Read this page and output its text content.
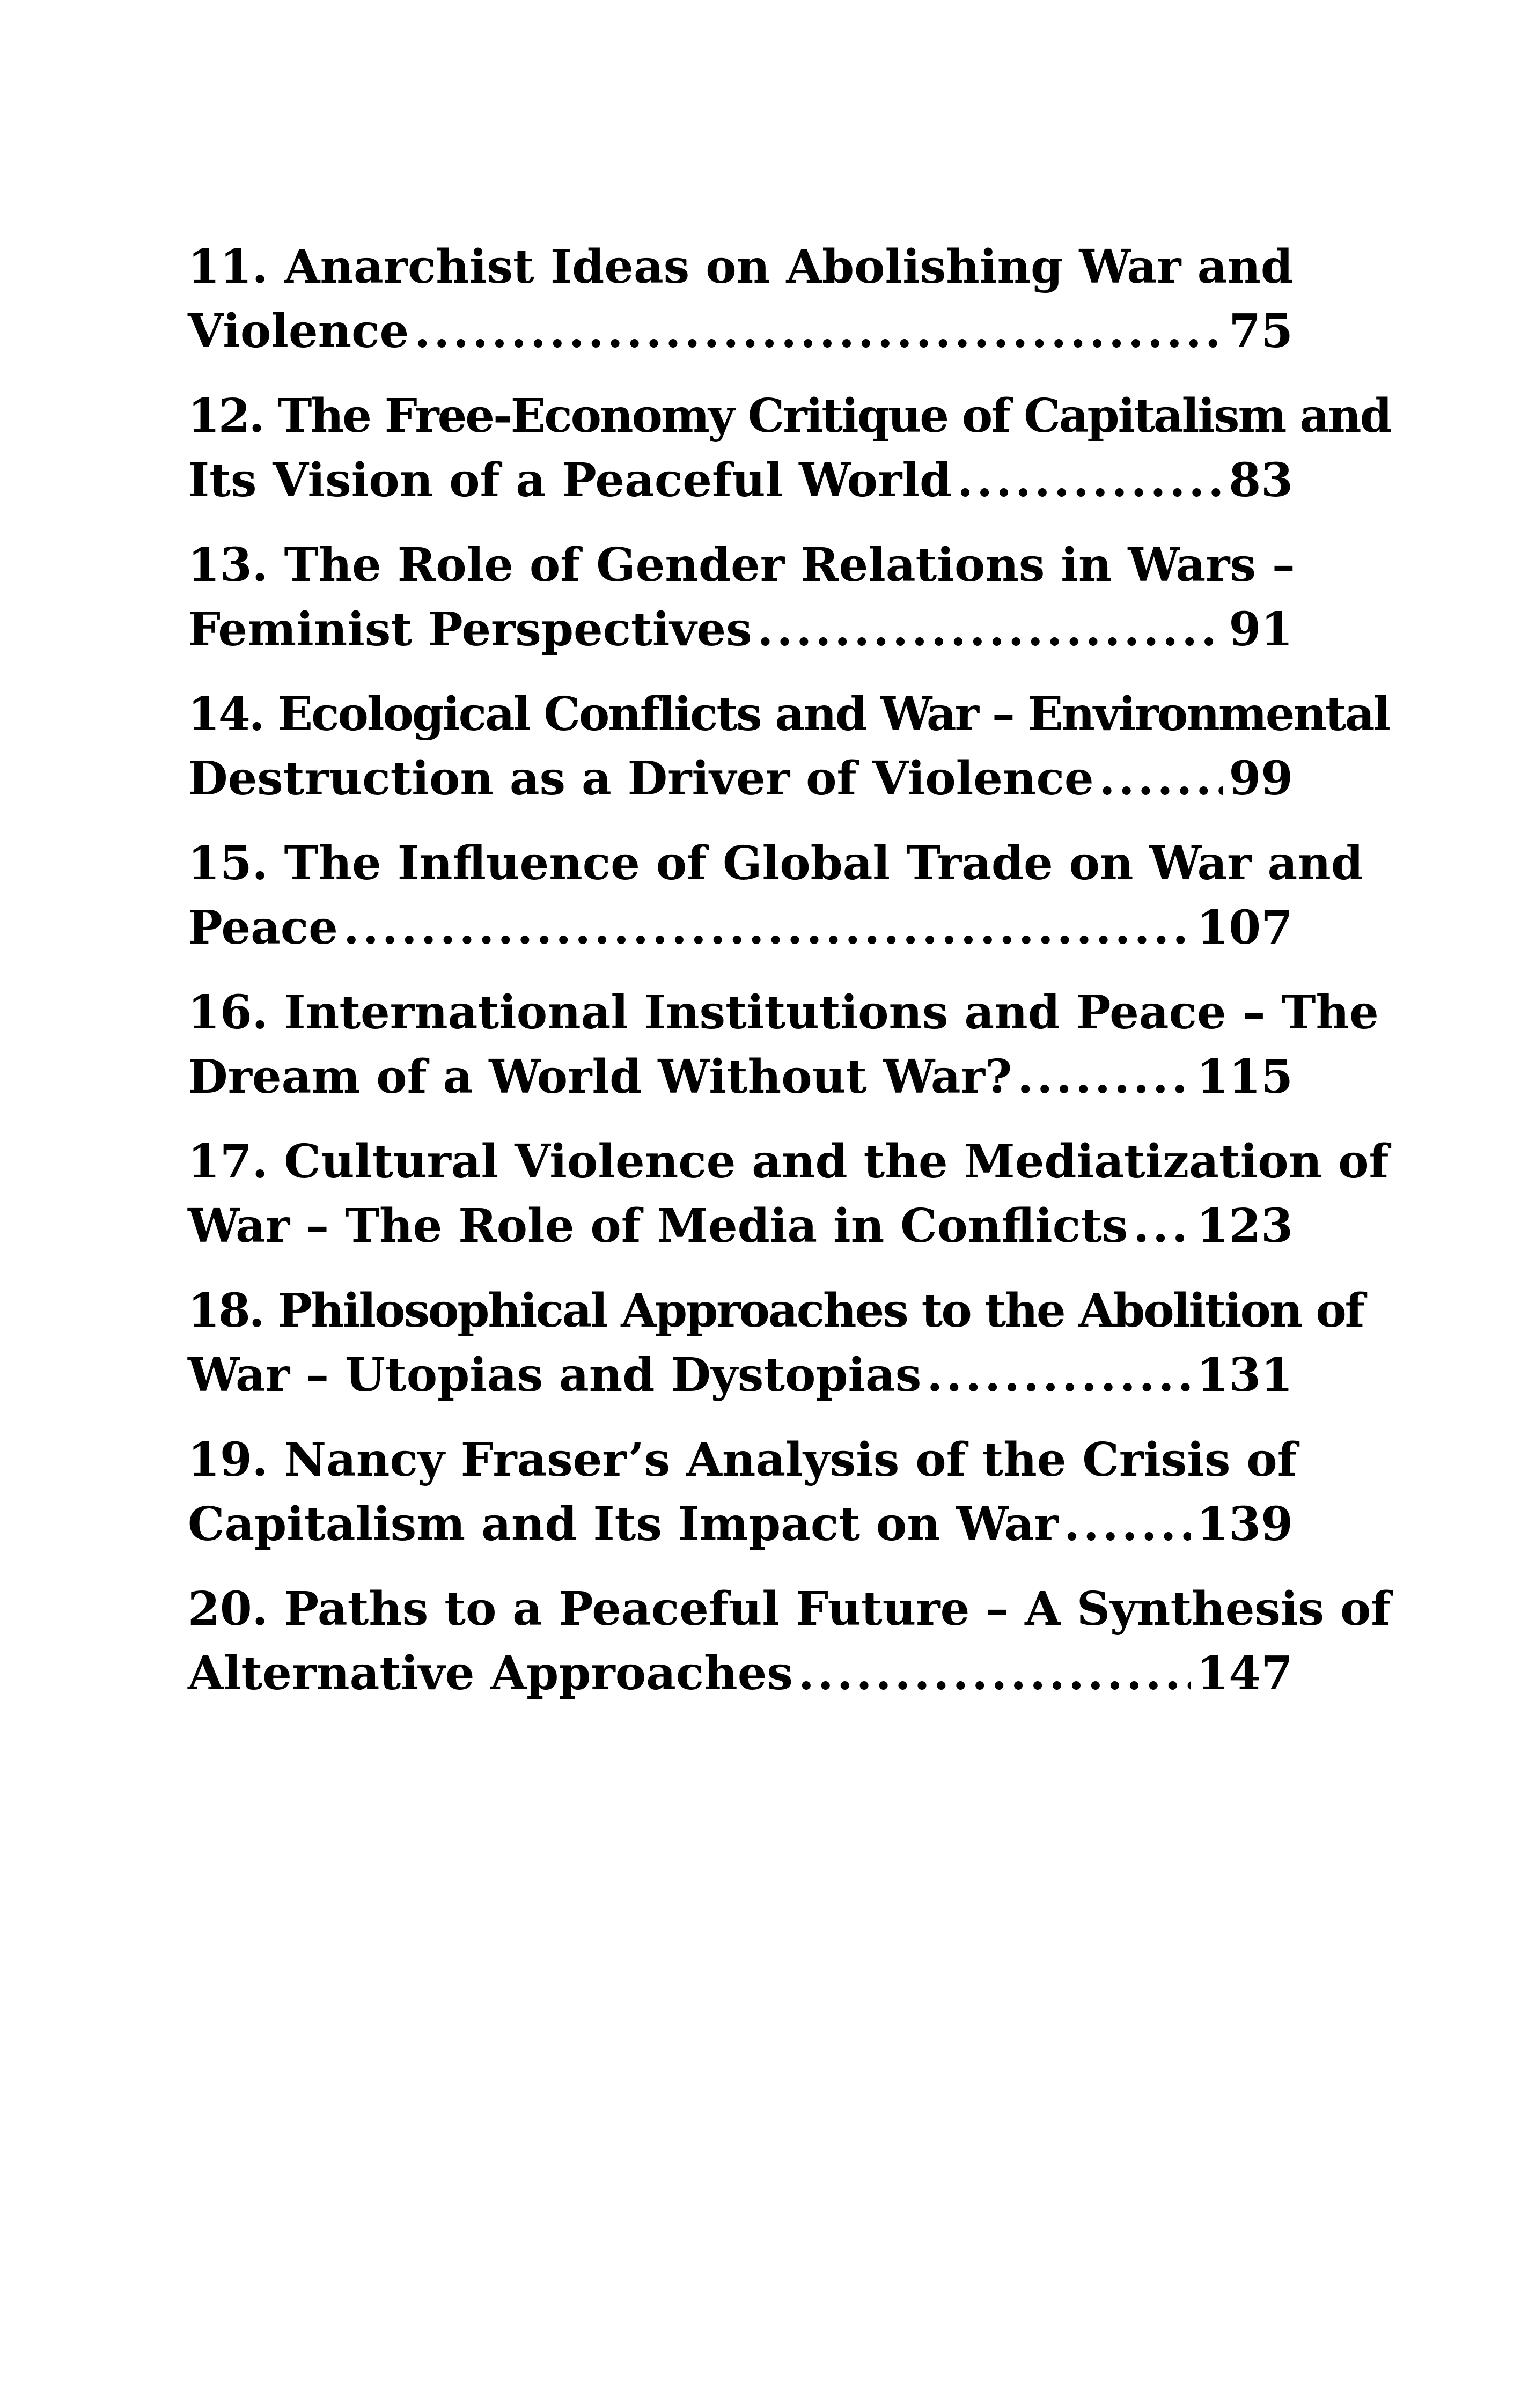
11. Anarchist Ideas on Abolishing War and
Violence .....	75
12. The Free-Economy Critique of Capitalism and
Its Vision of a Peaceful World .....	83
13. The Role of Gender Relations in Wars –
Feminist Perspectives .....	91
14. Ecological Conflicts and War – Environmental
Destruction as a Driver of Violence .....	99
15. The Influence of Global Trade on War and
Peace .....	107
16. International Institutions and Peace – The
Dream of a World Without War? .....	115
17. Cultural Violence and the Mediatization of
War – The Role of Media in Conflicts ..... 123
18. Philosophical Approaches to the Abolition of
War – Utopias and Dystopias .....	131
19. Nancy Fraser’s Analysis of the Crisis of
Capitalism and Its Impact on War .....	139
20. Paths to a Peaceful Future – A Synthesis of
Alternative Approaches .....	147
